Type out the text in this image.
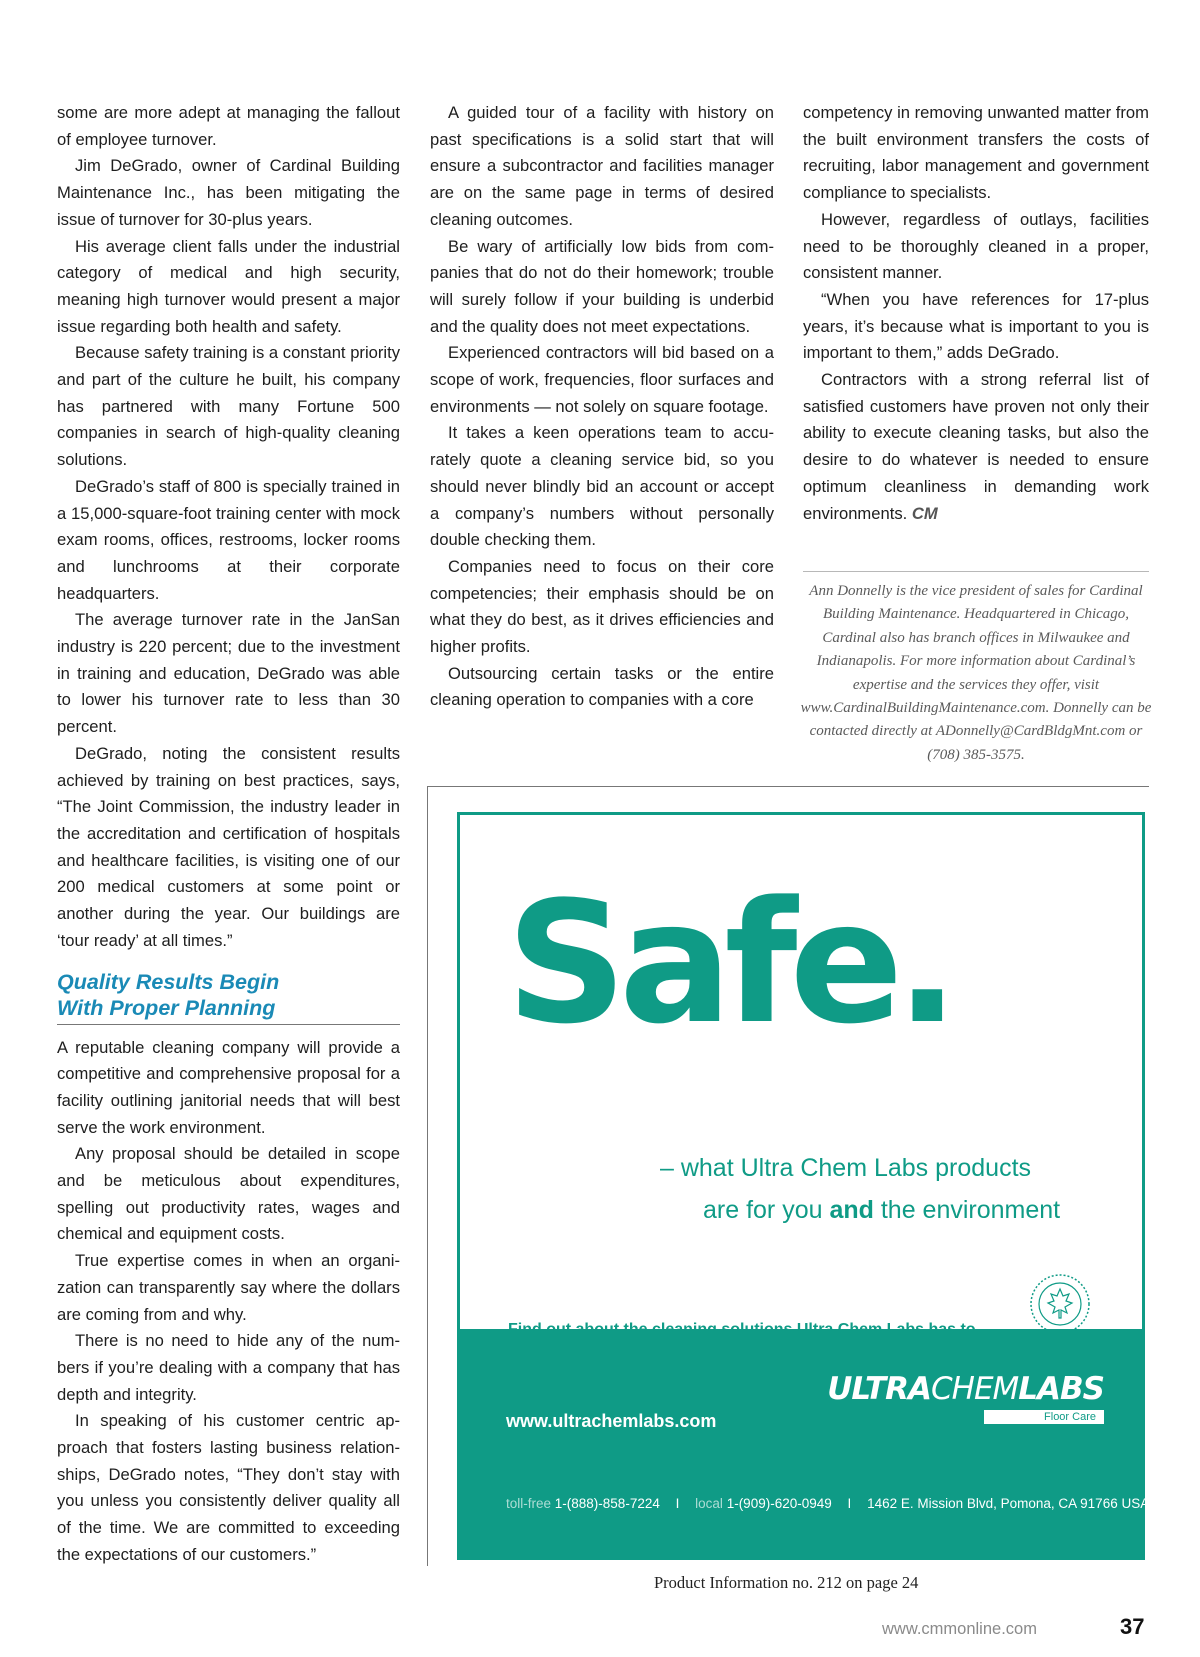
some are more adept at managing the fallout of employee turnover.

Jim DeGrado, owner of Cardinal Building Maintenance Inc., has been mitigating the issue of turnover for 30-plus years.

His average client falls under the industrial category of medical and high security, meaning high turnover would present a major issue regarding both health and safety.

Because safety training is a constant priority and part of the culture he built, his company has partnered with many Fortune 500 companies in search of high-quality cleaning solutions.

DeGrado’s staff of 800 is specially trained in a 15,000-square-foot training center with mock exam rooms, offices, restrooms, locker rooms and lunchrooms at their corporate headquarters.

The average turnover rate in the JanSan industry is 220 percent; due to the investment in training and education, DeGrado was able to lower his turnover rate to less than 30 percent.

DeGrado, noting the consistent results achieved by training on best practices, says, “The Joint Commission, the industry leader in the accreditation and certification of hospitals and healthcare facilities, is visiting one of our 200 medical customers at some point or another during the year. Our buildings are ‘tour ready’ at all times.”

Quality Results Begin
With Proper Planning

A reputable cleaning company will provide a competitive and comprehensive proposal for a facility outlining janitorial needs that will best serve the work environment.

Any proposal should be detailed in scope and be meticulous about expenditures, spelling out productivity rates, wages and chemical and equipment costs.

True expertise comes in when an organization can transparently say where the dollars are coming from and why.

There is no need to hide any of the numbers if you’re dealing with a company that has depth and integrity.

In speaking of his customer centric approach that fosters lasting business relationships, DeGrado notes, “They don’t stay with you unless you consistently deliver quality all of the time. We are committed to exceeding the expectations of our customers.”

A guided tour of a facility with history on past specifications is a solid start that will ensure a subcontractor and facilities manager are on the same page in terms of desired cleaning outcomes.

Be wary of artificially low bids from companies that do not do their homework; trouble will surely follow if your building is underbid and the quality does not meet expectations.

Experienced contractors will bid based on a scope of work, frequencies, floor surfaces and environments — not solely on square footage.

It takes a keen operations team to accurately quote a cleaning service bid, so you should never blindly bid an account or accept a company’s numbers without personally double checking them.

Companies need to focus on their core competencies; their emphasis should be on what they do best, as it drives efficiencies and higher profits.

Outsourcing certain tasks or the entire cleaning operation to companies with a core

competency in removing unwanted matter from the built environment transfers the costs of recruiting, labor management and government compliance to specialists.

However, regardless of outlays, facilities need to be thoroughly cleaned in a proper, consistent manner.

“When you have references for 17-plus years, it’s because what is important to you is important to them,” adds DeGrado.

Contractors with a strong referral list of satisfied customers have proven not only their ability to execute cleaning tasks, but also the desire to do whatever is needed to ensure optimum cleanliness in demanding work environments. CM

Ann Donnelly is the vice president of sales for Cardinal Building Maintenance. Headquartered in Chicago, Cardinal also has branch offices in Milwaukee and Indianapolis. For more information about Cardinal’s expertise and the services they offer, visit www.CardinalBuildingMaintenance.com. Donnelly can be contacted directly at ADonnelly@CardBldgMnt.com or (708) 385-3575.
Safe.
– what Ultra Chem Labs products
are for you and the environment
ULTRACHEMLABS
Floor Care
www.ultrachemlabs.com
toll-free 1-(888)-858-7224 I local 1-(909)-620-0949 I 1462 E. Mission Blvd, Pomona, CA 91766 USA
Product Information no. 212 on page 24
www.cmmonline.com	37
